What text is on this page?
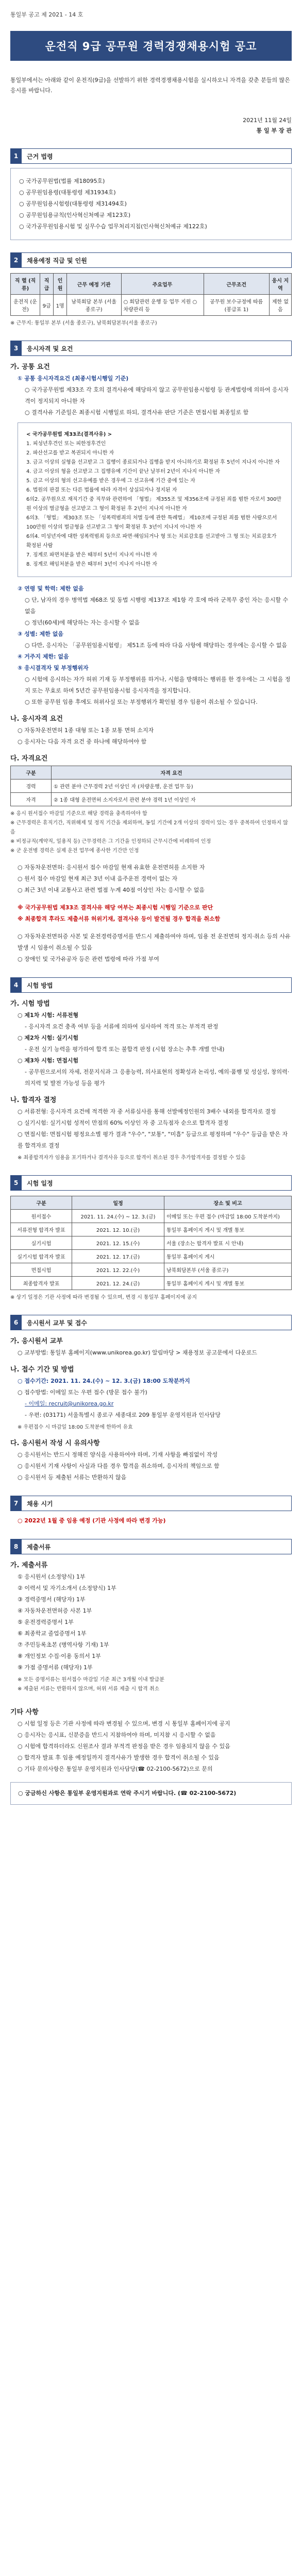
통일부 공고 제 2021 - 14 호
운전직 9급 공무원 경력경쟁채용시험 공고
통일부에서는 아래와 같이 운전직(9급)을 선발하기 위한 경력경쟁채용시험을 실시하오니 자격을 갖춘 분들의 많은 응시를 바랍니다.
2021년 11월 24일
통 일 부 장 관
1	근거 법령
○ 국가공무원법(법률 제18095호)
○ 공무원임용령(대통령령 제31934호)
○ 공무원임용시험령(대통령령 제31494호)
○ 공무원임용규칙(인사혁신처예규 제123호)
○ 국가공무원임용시험 및 실무수습 업무처리지침(인사혁신처예규 제122호)
2	채용예정 직급 및 인원
직 렬 (직류)	직급	인원	근무 예정 기관	주요업무	근무조건	응시 지역
운전직 (운전)	9급	1명	남북회담 본부 (서울 종로구)	○ 회담관련 운행 등 업무 지원 ○ 차량관리 등	공무원 보수규정에 따름 (봉급표 1)	제한 없음
※ 근무지: 통일부 본부 (서울 종로구), 남북회담본부(서울 종로구)
3	응시자격 및 요건
가. 공통 요건
① 공통 응시자격요건 (최종시험시행일 기준)
○ 국가공무원법 제33조 각 호의 결격사유에 해당하지 않고 공무원임용시험령 등 관계법령에 의하여 응시자격이 정지되지 아니한 자
○ 결격사유 기준일은 최종시험 시행일로 하되, 결격사유 판단 기준은 면접시험 최종일로 함
< 국가공무원법 제33조(결격사유) >
1. 피성년후견인 또는 피한정후견인
2. 파산선고를 받고 복권되지 아니한 자
3. 금고 이상의 실형을 선고받고 그 집행이 종료되거나 집행을 받지 아니하기로 확정된 후 5년이 지나지 아니한 자
4. 금고 이상의 형을 선고받고 그 집행유예 기간이 끝난 날부터 2년이 지나지 아니한 자
5. 금고 이상의 형의 선고유예를 받은 경우에 그 선고유예 기간 중에 있는 자
6. 법원의 판결 또는 다른 법률에 따라 자격이 상실되거나 정지된 자
6의2. 공무원으로 재직기간 중 직무와 관련하여 「형법」 제355조 및 제356조에 규정된 죄를 범한 자로서 300만원 이상의 벌금형을 선고받고 그 형이 확정된 후 2년이 지나지 아니한 자
6의3. 「형법」 제303조 또는 「성폭력범죄의 처벌 등에 관한 특례법」 제10조에 규정된 죄를 범한 사람으로서 100만원 이상의 벌금형을 선고받고 그 형이 확정된 후 3년이 지나지 아니한 자
6의4. 미성년자에 대한 성폭력범죄 등으로 파면·해임되거나 형 또는 치료감호를 선고받아 그 형 또는 치료감호가 확정된 사람
7. 징계로 파면처분을 받은 때부터 5년이 지나지 아니한 자
8. 징계로 해임처분을 받은 때부터 3년이 지나지 아니한 자
② 연령 및 학력: 제한 없음
○ 단, 남자의 경우 병역법 제68조 및 동법 시행령 제137조 제1항 각 호에 따라 군복무 중인 자는 응시할 수 없음
○ 정년(60세)에 해당하는 자는 응시할 수 없음
③ 성별: 제한 없음
○ 다만, 응시자는 「공무원임용시험령」 제51조 등에 따라 다음 사항에 해당하는 경우에는 응시할 수 없음
④ 거주지 제한: 없음
⑤ 응시결격자 및 부정행위자
○ 시험에 응시하는 자가 허위 기재 등 부정행위를 하거나, 시험을 방해하는 행위를 한 경우에는 그 시험을 정지 또는 무효로 하며 5년간 공무원임용시험 응시자격을 정지합니다.
○ 또한 공무원 임용 후에도 허위사실 또는 부정행위가 확인될 경우 임용이 취소될 수 있습니다.
나. 응시자격 요건
○ 자동차운전면허 1종 대형 또는 1종 보통 면허 소지자
○ 응시자는 다음 자격 요건 중 하나에 해당하여야 함
다. 자격요건
구분	자격 요건
경력	① 관련 분야 근무경력 2년 이상인 자 (차량운행, 운전 업무 등)
자격	② 1종 대형 운전면허 소지자로서 관련 분야 경력 1년 이상인 자
※ 응시 원서접수 마감일 기준으로 해당 경력을 충족하여야 함
※ 근무경력은 휴직기간, 직위해제 및 정직 기간을 제외하며, 동일 기간에 2개 이상의 경력이 있는 경우 중복하여 인정하지 않음
※ 비정규직(계약직, 일용직 등) 근무경력은 그 기간을 인정하되 근무시간에 비례하여 인정
※ 군 운전병 경력은 실제 운전 업무에 종사한 기간만 인정
○ 자동차운전면허: 응시원서 접수 마감일 현재 유효한 운전면허를 소지한 자
○ 원서 접수 마감일 현재 최근 3년 이내 음주운전 경력이 없는 자
○ 최근 3년 이내 교통사고 관련 벌점 누계 40점 이상인 자는 응시할 수 없음
※ 국가공무원법 제33조 결격사유 해당 여부는 최종시험 시행일 기준으로 판단
※ 최종합격 후라도 제출서류 허위기재, 결격사유 등이 발견될 경우 합격을 취소함
○ 자동차운전면허증 사본 및 운전경력증명서를 반드시 제출하여야 하며, 임용 전 운전면허 정지·취소 등의 사유 발생 시 임용이 취소될 수 있음
○ 장애인 및 국가유공자 등은 관련 법령에 따라 가점 부여
4	시험 방법
가. 시험 방법
○ 제1차 시험: 서류전형
- 응시자격 요건 충족 여부 등을 서류에 의하여 심사하여 적격 또는 부적격 판정
○ 제2차 시험: 실기시험
- 운전 실기 능력을 평가하여 합격 또는 불합격 판정 (시험 장소는 추후 개별 안내)
○ 제3차 시험: 면접시험
- 공무원으로서의 자세, 전문지식과 그 응용능력, 의사표현의 정확성과 논리성, 예의·품행 및 성실성, 창의력·의지력 및 발전 가능성 등을 평가
나. 합격자 결정
○ 서류전형: 응시자격 요건에 적격한 자 중 서류심사를 통해 선발예정인원의 3배수 내외를 합격자로 결정
○ 실기시험: 실기시험 성적이 만점의 60% 이상인 자 중 고득점자 순으로 합격자 결정
○ 면접시험: 면접시험 평정요소별 평가 결과 "우수", "보통", "미흡" 등급으로 평정하며 "우수" 등급을 받은 자를 합격자로 결정
※ 최종합격자가 임용을 포기하거나 결격사유 등으로 합격이 취소된 경우 추가합격자를 결정할 수 있음
5	시험 일정
구분	일정	장소 및 비고
원서접수	2021. 11. 24.(수) ~ 12. 3.(금)	이메일 또는 우편 접수 (마감일 18:00 도착분까지)
서류전형 합격자 발표	2021. 12. 10.(금)	통일부 홈페이지 게시 및 개별 통보
실기시험	2021. 12. 15.(수)	서울 (장소는 합격자 발표 시 안내)
실기시험 합격자 발표	2021. 12. 17.(금)	통일부 홈페이지 게시
면접시험	2021. 12. 22.(수)	남북회담본부 (서울 종로구)
최종합격자 발표	2021. 12. 24.(금)	통일부 홈페이지 게시 및 개별 통보
※ 상기 일정은 기관 사정에 따라 변경될 수 있으며, 변경 시 통일부 홈페이지에 공지
6	응시원서 교부 및 접수
가. 응시원서 교부
○ 교부방법: 통일부 홈페이지(www.unikorea.go.kr) 알림마당 > 채용정보 공고문에서 다운로드
나. 접수 기간 및 방법
○ 접수기간: 2021. 11. 24.(수) ~ 12. 3.(금) 18:00 도착분까지
○ 접수방법: 이메일 또는 우편 접수 (방문 접수 불가)
- 이메일: recruit@unikorea.go.kr
- 우편: (03171) 서울특별시 종로구 세종대로 209 통일부 운영지원과 인사담당
※ 우편접수 시 마감일 18:00 도착분에 한하여 유효
다. 응시원서 작성 시 유의사항
○ 응시원서는 반드시 정해진 양식을 사용하여야 하며, 기재 사항을 빠짐없이 작성
○ 응시원서 기재 사항이 사실과 다를 경우 합격을 취소하며, 응시자의 책임으로 함
○ 응시원서 등 제출된 서류는 반환하지 않음
7	채용 시기
○ 2022년 1월 중 임용 예정 (기관 사정에 따라 변경 가능)
8	제출서류
가. 제출서류
① 응시원서 (소정양식) 1부
② 이력서 및 자기소개서 (소정양식) 1부
③ 경력증명서 (해당자) 1부
④ 자동차운전면허증 사본 1부
⑤ 운전경력증명서 1부
⑥ 최종학교 졸업증명서 1부
⑦ 주민등록초본 (병역사항 기재) 1부
⑧ 개인정보 수집·이용 동의서 1부
⑨ 가점 증명서류 (해당자) 1부
※ 모든 증명서류는 원서접수 마감일 기준 최근 3개월 이내 발급분
※ 제출된 서류는 반환하지 않으며, 허위 서류 제출 시 합격 취소
기타 사항
○ 시험 일정 등은 기관 사정에 따라 변경될 수 있으며, 변경 시 통일부 홈페이지에 공지
○ 응시자는 응시표, 신분증을 반드시 지참하여야 하며, 미지참 시 응시할 수 없음
○ 시험에 합격하더라도 신원조사 결과 부적격 판정을 받은 경우 임용되지 않을 수 있음
○ 합격자 발표 후 임용 예정일까지 결격사유가 발생한 경우 합격이 취소될 수 있음
○ 기타 문의사항은 통일부 운영지원과 인사담당(☎ 02-2100-5672)으로 문의
○ 궁금하신 사항은 통일부 운영지원과로 연락 주시기 바랍니다. (☎ 02-2100-5672)
